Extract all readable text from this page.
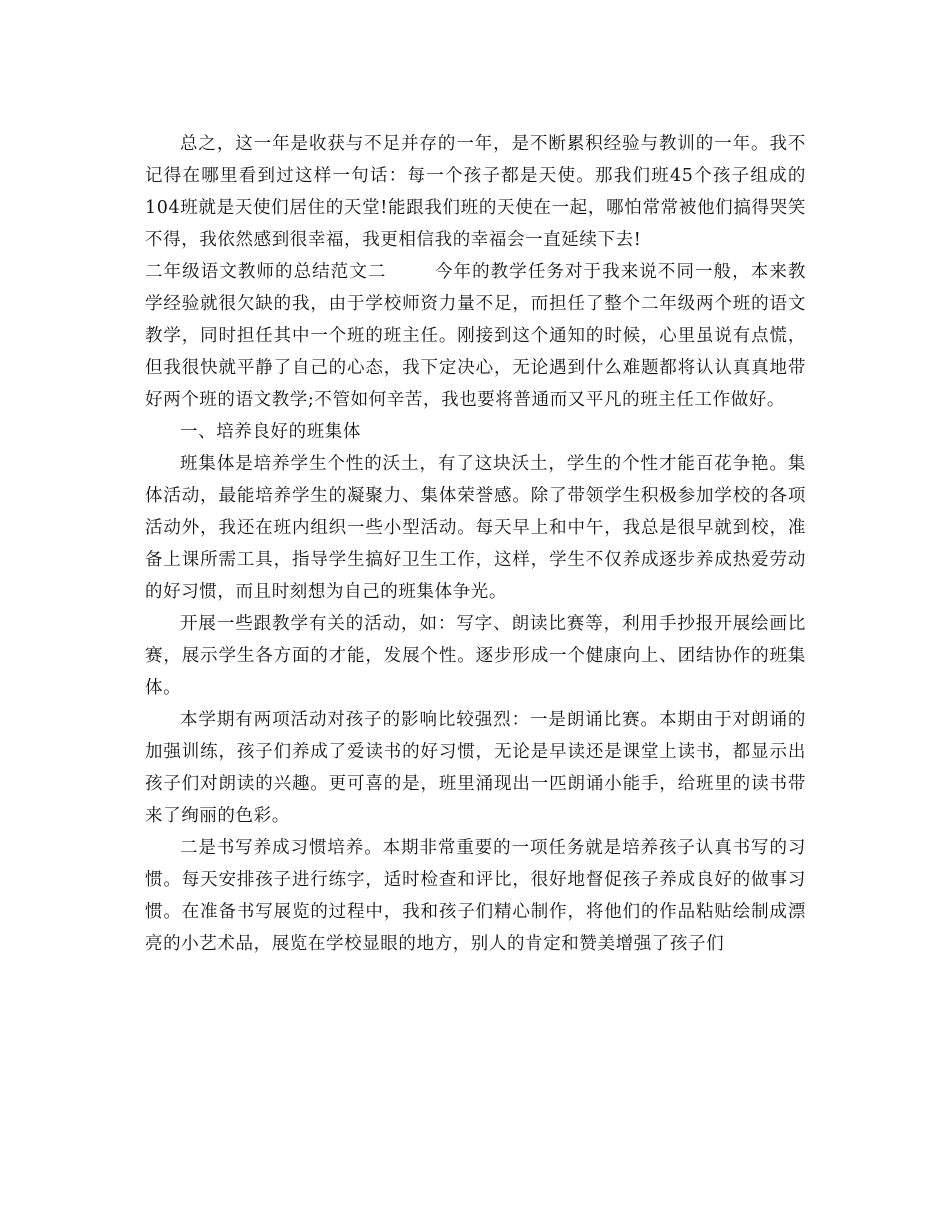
总之，这一年是收获与不足并存的一年，是不断累积经验与教训的一年。我不记得在哪里看到过这样一句话：每一个孩子都是天使。那我们班45个孩子组成的104班就是天使们居住的天堂!能跟我们班的天使在一起，哪怕常常被他们搞得哭笑不得，我依然感到很幸福，我更相信我的幸福会一直延续下去!

二年级语文教师的总结范文二	今年的教学任务对于我来说不同一般，本来教学经验就很欠缺的我，由于学校师资力量不足，而担任了整个二年级两个班的语文教学，同时担任其中一个班的班主任。刚接到这个通知的时候，心里虽说有点慌，但我很快就平静了自己的心态，我下定决心，无论遇到什么难题都将认认真真地带好两个班的语文教学;不管如何辛苦，我也要将普通而又平凡的班主任工作做好。

一、培养良好的班集体

班集体是培养学生个性的沃土，有了这块沃土，学生的个性才能百花争艳。集体活动，最能培养学生的凝聚力、集体荣誉感。除了带领学生积极参加学校的各项活动外，我还在班内组织一些小型活动。每天早上和中午，我总是很早就到校，准备上课所需工具，指导学生搞好卫生工作，这样，学生不仅养成逐步养成热爱劳动的好习惯，而且时刻想为自己的班集体争光。

开展一些跟教学有关的活动，如：写字、朗读比赛等，利用手抄报开展绘画比赛，展示学生各方面的才能，发展个性。逐步形成一个健康向上、团结协作的班集体。

本学期有两项活动对孩子的影响比较强烈：一是朗诵比赛。本期由于对朗诵的加强训练，孩子们养成了爱读书的好习惯，无论是早读还是课堂上读书，都显示出孩子们对朗读的兴趣。更可喜的是，班里涌现出一匹朗诵小能手，给班里的读书带来了绚丽的色彩。

二是书写养成习惯培养。本期非常重要的一项任务就是培养孩子认真书写的习惯。每天安排孩子进行练字，适时检查和评比，很好地督促孩子养成良好的做事习惯。在准备书写展览的过程中，我和孩子们精心制作，将他们的作品粘贴绘制成漂亮的小艺术品，展览在学校显眼的地方，别人的肯定和赞美增强了孩子们
